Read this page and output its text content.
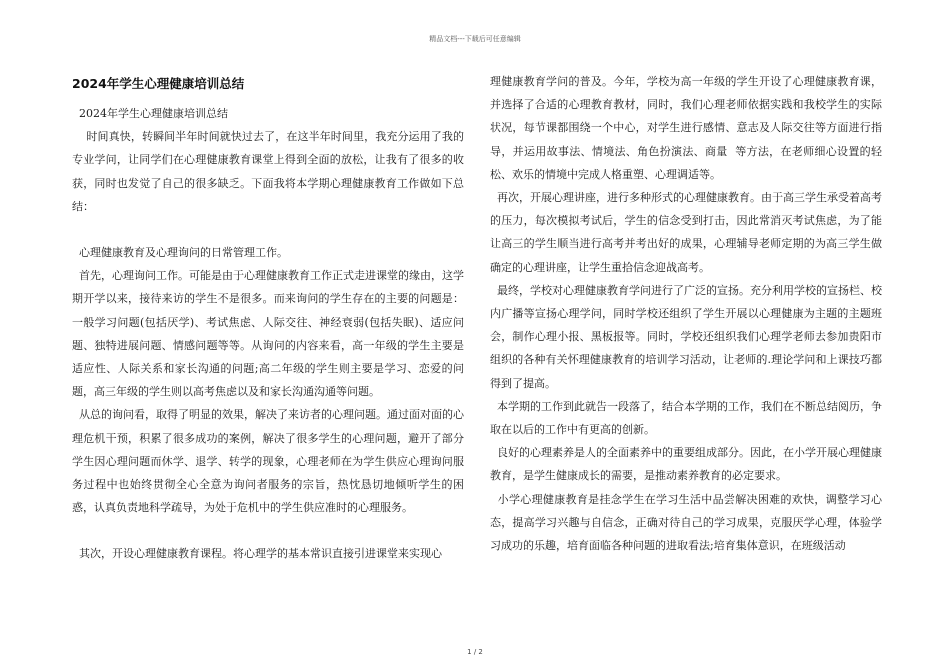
精品文档---下载后可任意编辑
2024年学生心理健康培训总结

2024年学生心理健康培训总结

时间真快，转瞬间半年时间就快过去了，在这半年时间里，我充分运用了我的专业学问，让同学们在心理健康教育课堂上得到全面的放松，让我有了很多的收获，同时也发觉了自己的很多缺乏。下面我将本学期心理健康教育工作做如下总结：

心理健康教育及心理询问的日常管理工作。

首先，心理询问工作。可能是由于心理健康教育工作正式走进课堂的缘由，这学期开学以来，接待来访的学生不是很多。而来询问的学生存在的主要的问题是：一般学习问题(包括厌学)、考试焦虑、人际交往、神经衰弱(包括失眠)、适应问题、独特进展问题、情感问题等等。从询问的内容来看，高一年级的学生主要是适应性、人际关系和家长沟通的问题;高二年级的学生则主要是学习、恋爱的问题，高三年级的学生则以高考焦虑以及和家长沟通沟通等问题。

从总的询问看，取得了明显的效果，解决了来访者的心理问题。通过面对面的心理危机干预，积累了很多成功的案例，解决了很多学生的心理问题，避开了部分学生因心理问题而休学、退学、转学的现象，心理老师在为学生供应心理询问服务过程中也始终贯彻全心全意为询问者服务的宗旨，热忱恳切地倾听学生的困惑，认真负责地科学疏导，为处于危机中的学生供应准时的心理服务。

其次，开设心理健康教育课程。将心理学的基本常识直接引进课堂来实现心

理健康教育学问的普及。今年，学校为高一年级的学生开设了心理健康教育课，并选择了合适的心理教育教材，同时，我们心理老师依据实践和我校学生的实际状况，每节课都围绕一个中心，对学生进行感情、意志及人际交往等方面进行指导，并运用故事法、情境法、角色扮演法、商量  等方法，在老师细心设置的轻松、欢乐的情境中完成人格重塑、心理调适等。

再次，开展心理讲座，进行多种形式的心理健康教育。由于高三学生承受着高考的压力，每次模拟考试后，学生的信念受到打击，因此常消灭考试焦虑，为了能让高三的学生顺当进行高考并考出好的成果，心理辅导老师定期的为高三学生做确定的心理讲座，让学生重拾信念迎战高考。

最终，学校对心理健康教育学问进行了广泛的宣扬。充分利用学校的宣扬栏、校内广播等宣扬心理学问，同时学校还组织了学生开展以心理健康为主题的主题班会，制作心理小报、黑板报等。同时，学校还组织我们心理学老师去参加贵阳市组织的各种有关怀理健康教育的培训学习活动，让老师的.理论学问和上课技巧都得到了提高。

本学期的工作到此就告一段落了，结合本学期的工作，我们在不断总结阅历，争取在以后的工作中有更高的创新。

良好的心理素养是人的全面素养中的重要组成部分。因此，在小学开展心理健康教育，是学生健康成长的需要，是推动素养教育的必定要求。

小学心理健康教育是挂念学生在学习生活中品尝解决困难的欢快，调整学习心态，提高学习兴趣与自信念，正确对待自己的学习成果，克服厌学心理，体验学习成功的乐趣，培育面临各种问题的进取看法;培育集体意识，在班级活动

1 / 2
